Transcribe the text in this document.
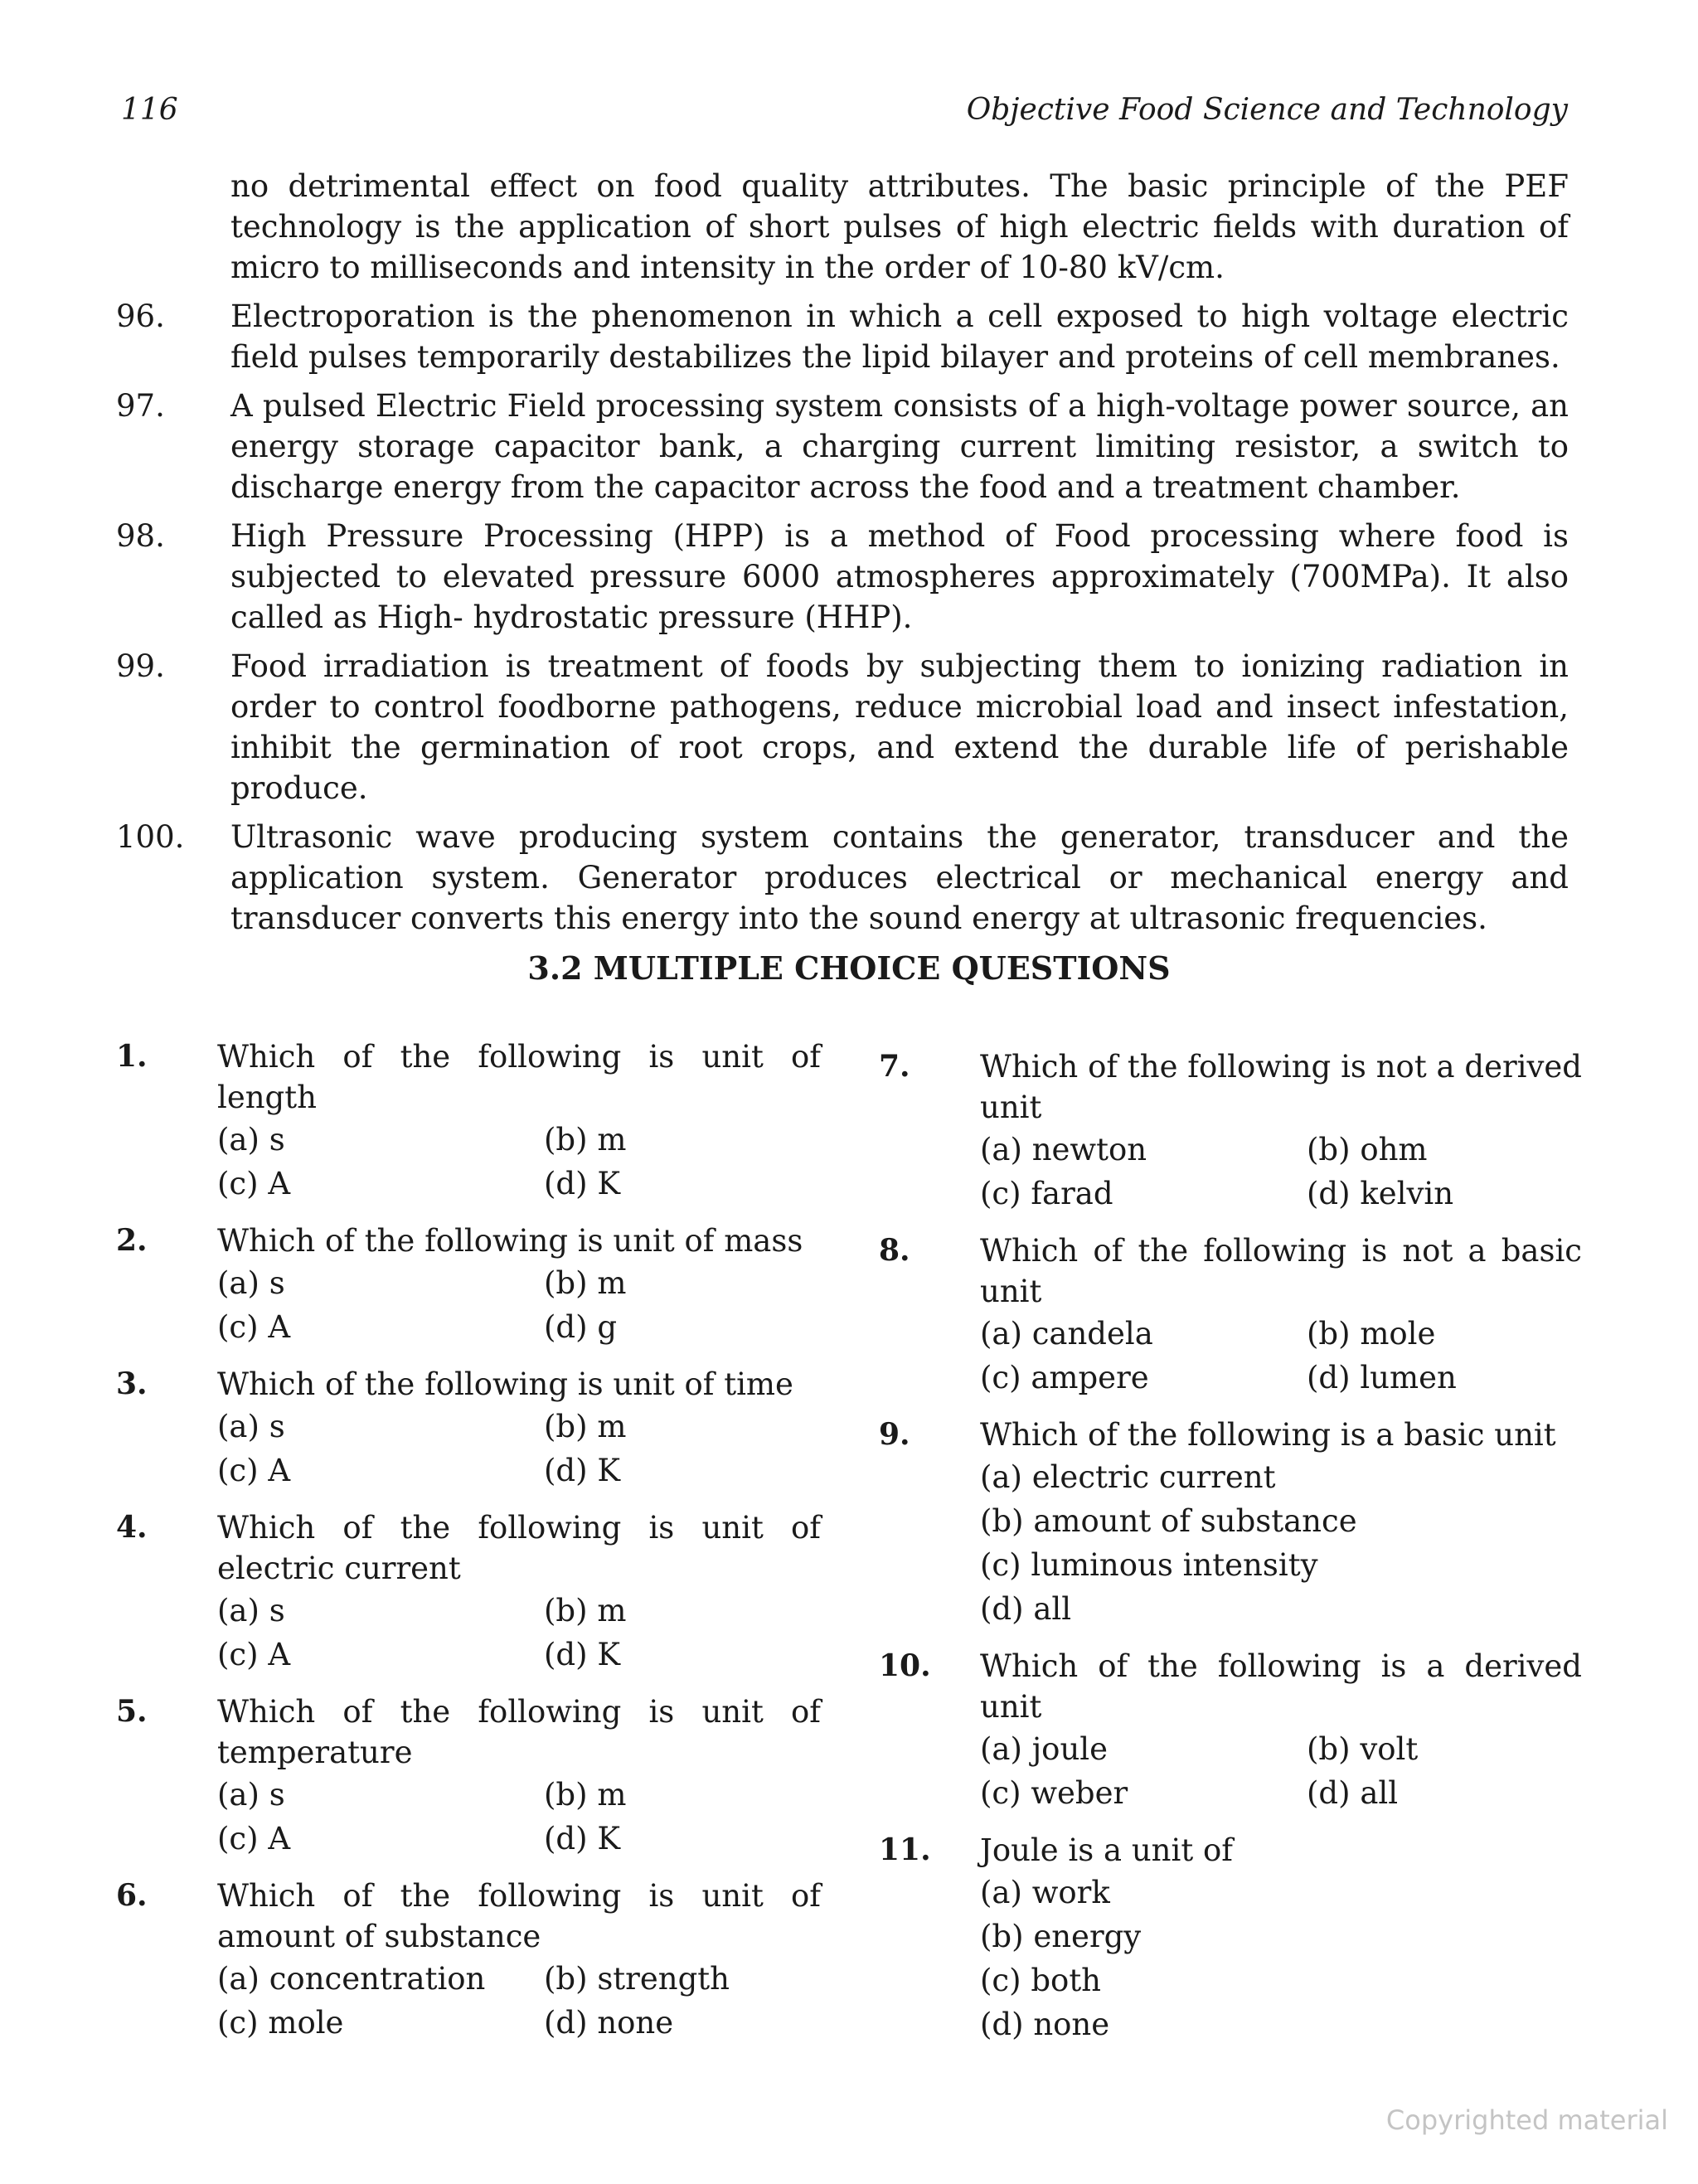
116	Objective Food Science and Technology
no detrimental effect on food quality attributes. The basic principle of the PEF technology is the application of short pulses of high electric fields with duration of micro to milliseconds and intensity in the order of 10-80 kV/cm.
96.	Electroporation is the phenomenon in which a cell exposed to high voltage electric field pulses temporarily destabilizes the lipid bilayer and proteins of cell membranes.
97.	A pulsed Electric Field processing system consists of a high-voltage power source, an energy storage capacitor bank, a charging current limiting resistor, a switch to discharge energy from the capacitor across the food and a treatment chamber.
98.	High Pressure Processing (HPP) is a method of Food processing where food is subjected to elevated pressure 6000 atmospheres approximately (700MPa). It also called as High- hydrostatic pressure (HHP).
99.	Food irradiation is treatment of foods by subjecting them to ionizing radiation in order to control foodborne pathogens, reduce microbial load and insect infestation, inhibit the germination of root crops, and extend the durable life of perishable produce.
100.	Ultrasonic wave producing system contains the generator, transducer and the application system. Generator produces electrical or mechanical energy and transducer converts this energy into the sound energy at ultrasonic frequencies.
3.2 MULTIPLE CHOICE QUESTIONS
1.	Which of the following is unit of length
(a) s	(b) m
(c) A	(d) K
2.	Which of the following is unit of mass
(a) s	(b) m
(c) A	(d) g
3.	Which of the following is unit of time
(a) s	(b) m
(c) A	(d) K
4.	Which of the following is unit of electric current
(a) s	(b) m
(c) A	(d) K
5.	Which of the following is unit of temperature
(a) s	(b) m
(c) A	(d) K
6.	Which of the following is unit of amount of substance
(a) concentration	(b) strength
(c) mole	(d) none
7.	Which of the following is not a derived unit
(a) newton	(b) ohm
(c) farad	(d) kelvin
8.	Which of the following is not a basic unit
(a) candela	(b) mole
(c) ampere	(d) lumen
9.	Which of the following is a basic unit
(a) electric current
(b) amount of substance
(c) luminous intensity
(d) all
10.	Which of the following is a derived unit
(a) joule	(b) volt
(c) weber	(d) all
11.	Joule is a unit of
(a) work
(b) energy
(c) both
(d) none
Copyrighted material
